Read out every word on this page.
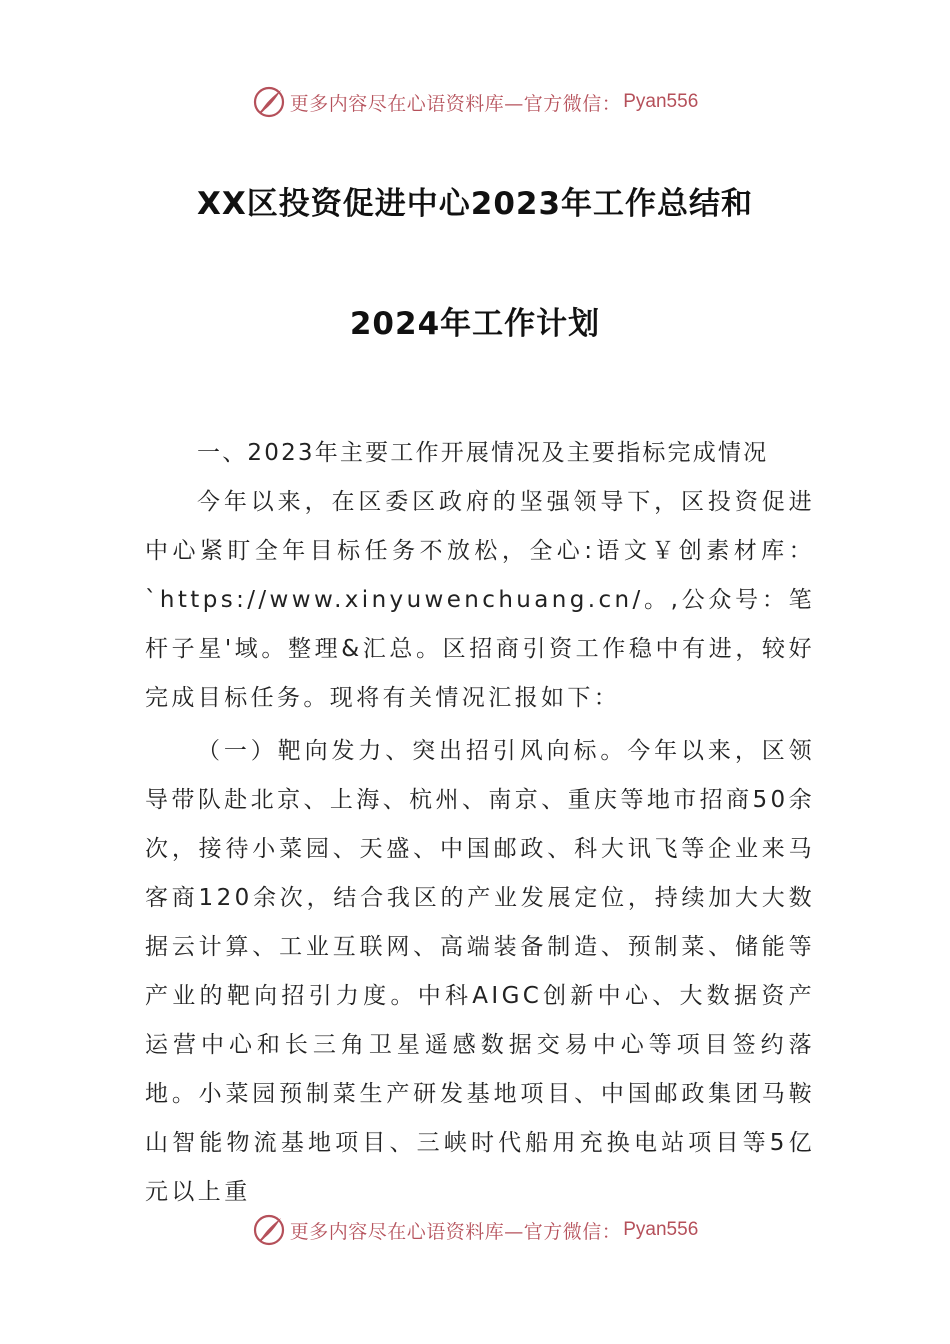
更多内容尽在心语资料库—官方微信： Pyan556
XX区投资促进中心2023年工作总结和
2024年工作计划
一、2023年主要工作开展情况及主要指标完成情况
今年以来，在区委区政府的坚强领导下，区投资促进中心紧盯全年目标任务不放松，全心:语文￥创素材库：`https://www.xinyuwenchuang.cn/。,公众号：笔杆子星'域。整理&汇总。区招商引资工作稳中有进，较好完成目标任务。现将有关情况汇报如下：
（一）靶向发力、突出招引风向标。今年以来，区领导带队赴北京、上海、杭州、南京、重庆等地市招商50余次，接待小菜园、天盛、中国邮政、科大讯飞等企业来马客商120余次，结合我区的产业发展定位，持续加大大数据云计算、工业互联网、高端装备制造、预制菜、储能等产业的靶向招引力度。中科AIGC创新中心、大数据资产运营中心和长三角卫星遥感数据交易中心等项目签约落地。小菜园预制菜生产研发基地项目、中国邮政集团马鞍山智能物流基地项目、三峡时代船用充换电站项目等5亿元以上重
更多内容尽在心语资料库—官方微信： Pyan556
